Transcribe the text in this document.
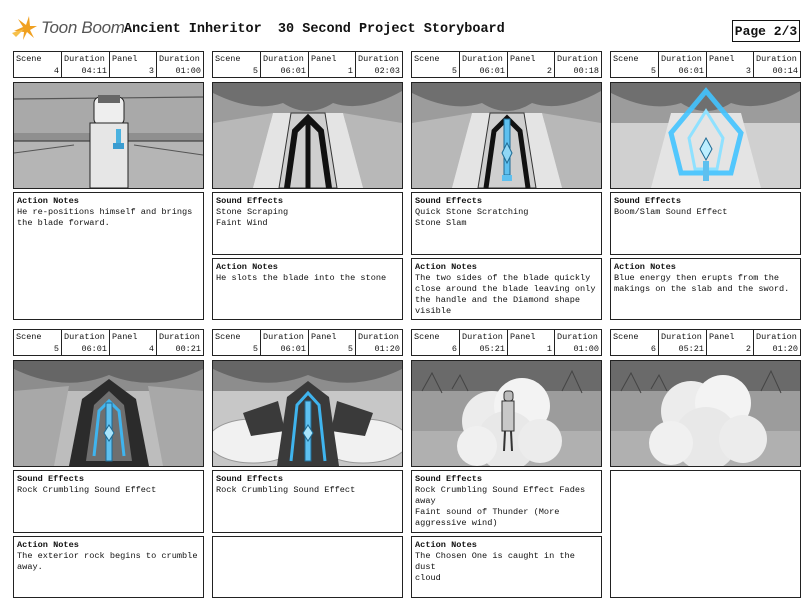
Toon Boom Ancient Inheritor  30 Second Project Storyboard	Page 2/3
Scene
4
Duration
04:11
Panel
3
Duration
01:00
Action Notes
He re-positions himself and brings
the blade forward.
Scene
5
Duration
06:01
Panel
1
Duration
02:03
Sound Effects
Stone Scraping
Faint Wind
Action Notes
He slots the blade into the stone
Scene
5
Duration
06:01
Panel
2
Duration
00:18
Sound Effects
Quick Stone Scratching
Stone Slam
Action Notes
The two sides of the blade quickly
close around the blade leaving only
the handle and the Diamond shape
visible
Scene
5
Duration
06:01
Panel
3
Duration
00:14
Sound Effects
Boom/Slam Sound Effect
Action Notes
Blue energy then erupts from the
makings on the slab and the sword.
Scene
5
Duration
06:01
Panel
4
Duration
00:21
Sound Effects
Rock Crumbling Sound Effect
Action Notes
The exterior rock begins to crumble
away.
Scene
5
Duration
06:01
Panel
5
Duration
01:20
Sound Effects
Rock Crumbling Sound Effect
Scene
6
Duration
05:21
Panel
1
Duration
01:00
Sound Effects
Rock Crumbling Sound Effect Fades
away
Faint sound of Thunder (More
aggressive wind)
Action Notes
The Chosen One is caught in the dust
cloud
Scene
6
Duration
05:21
Panel
2
Duration
01:20
